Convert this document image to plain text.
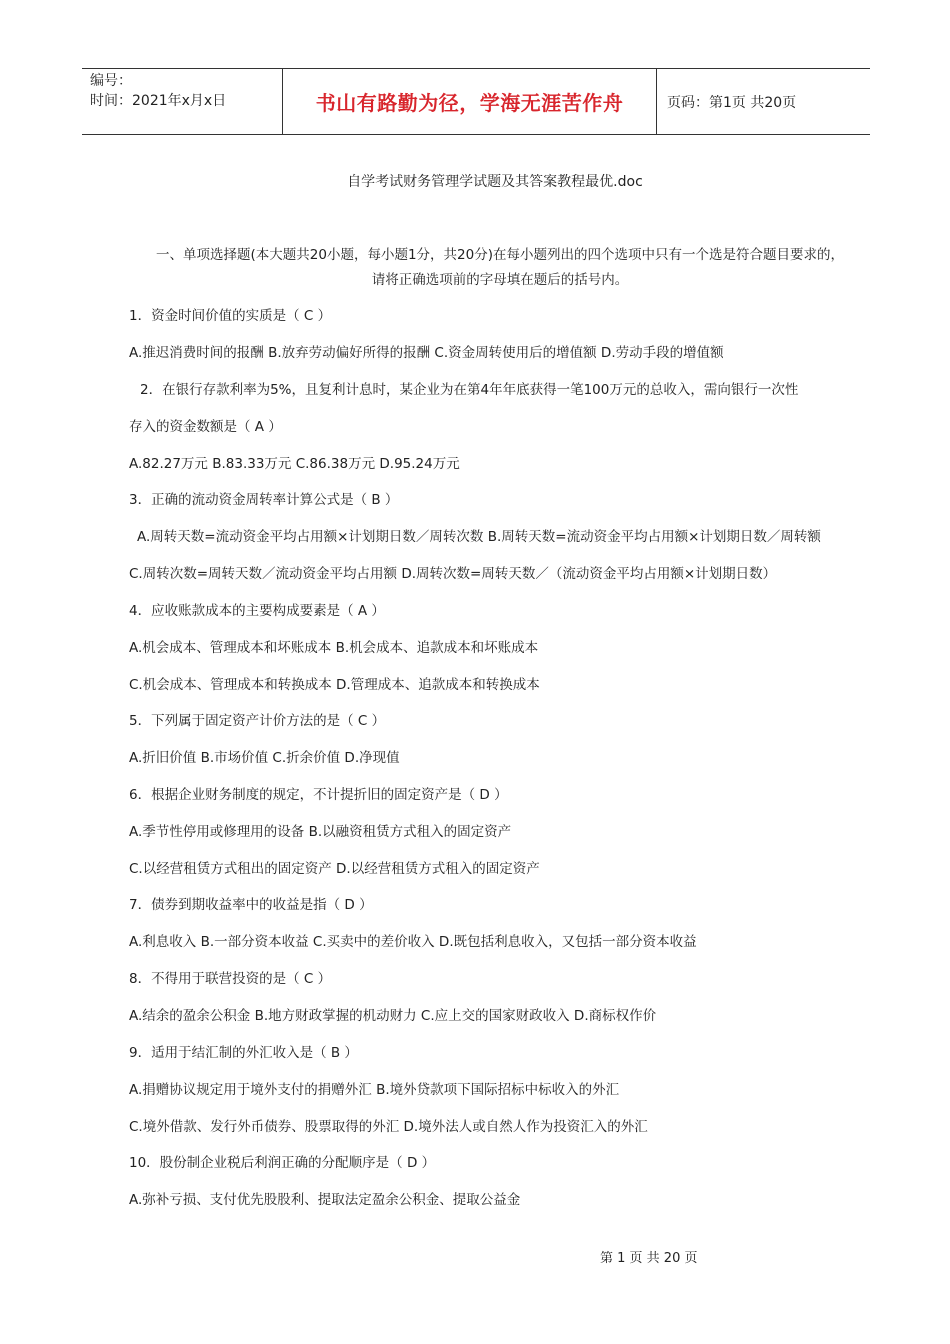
编号：
时间：2021年x月x日	书山有路勤为径，学海无涯苦作舟	页码：第1页 共20页
自学考试财务管理学试题及其答案教程最优.doc
一、单项选择题(本大题共20小题，每小题1分，共20分)在每小题列出的四个选项中只有一个选是符合题目要求的，
请将正确选项前的字母填在题后的括号内。
1．资金时间价值的实质是（ C ）
A.推迟消费时间的报酬 B.放弃劳动偏好所得的报酬 C.资金周转使用后的增值额 D.劳动手段的增值额
2．在银行存款利率为5%，且复利计息时，某企业为在第4年年底获得一笔100万元的总收入，需向银行一次性
存入的资金数额是（ A ）
A.82.27万元 B.83.33万元 C.86.38万元 D.95.24万元
3．正确的流动资金周转率计算公式是（ B ）
A.周转天数=流动资金平均占用额×计划期日数／周转次数 B.周转天数=流动资金平均占用额×计划期日数／周转额
C.周转次数=周转天数／流动资金平均占用额 D.周转次数=周转天数／（流动资金平均占用额×计划期日数）
4．应收账款成本的主要构成要素是（ A ）
A.机会成本、管理成本和坏账成本 B.机会成本、追款成本和坏账成本
C.机会成本、管理成本和转换成本 D.管理成本、追款成本和转换成本
5．下列属于固定资产计价方法的是（ C ）
A.折旧价值 B.市场价值 C.折余价值 D.净现值
6．根据企业财务制度的规定，不计提折旧的固定资产是（ D ）
A.季节性停用或修理用的设备 B.以融资租赁方式租入的固定资产
C.以经营租赁方式租出的固定资产 D.以经营租赁方式租入的固定资产
7．债券到期收益率中的收益是指（ D ）
A.利息收入 B.一部分资本收益 C.买卖中的差价收入 D.既包括利息收入，又包括一部分资本收益
8．不得用于联营投资的是（ C ）
A.结余的盈余公积金 B.地方财政掌握的机动财力 C.应上交的国家财政收入 D.商标权作价
9．适用于结汇制的外汇收入是（ B ）
A.捐赠协议规定用于境外支付的捐赠外汇 B.境外贷款项下国际招标中标收入的外汇
C.境外借款、发行外币债券、股票取得的外汇 D.境外法人或自然人作为投资汇入的外汇
10．股份制企业税后利润正确的分配顺序是（ D ）
A.弥补亏损、支付优先股股利、提取法定盈余公积金、提取公益金
第 1 页 共 20 页
